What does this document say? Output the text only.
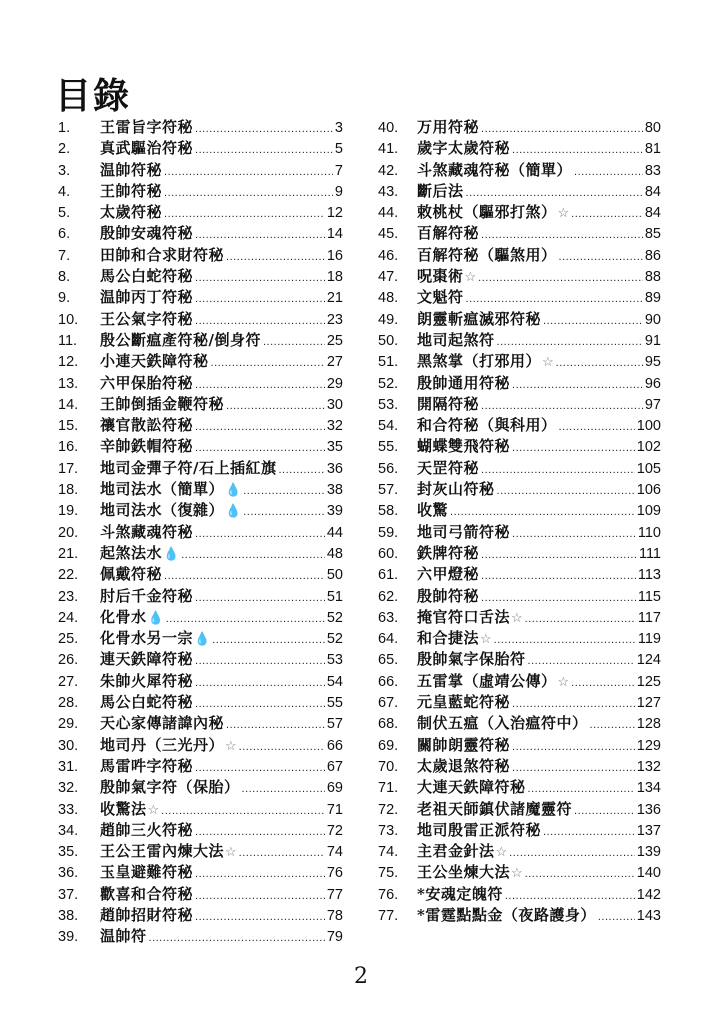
目錄
1.	王雷旨字符秘 .....	3
2.	真武驅治符秘 .....	5
3.	温帥符秘 .....	7
4.	王帥符秘 .....	9
5.	太歲符秘 .....	12
6.	殷帥安魂符秘 .....	14
7.	田帥和合求財符秘 .....	16
8.	馬公白蛇符秘 .....	18
9.	温帥丙丁符秘 .....	21
10.	王公氣字符秘 .....	23
11.	殷公斷瘟產符秘/倒身符 .....	25
12.	小連天鉄障符秘 .....	27
13.	六甲保胎符秘 .....	29
14.	王帥倒插金鞭符秘 .....	30
15.	禳官散訟符秘 .....	32
16.	辛帥鉄帽符秘 .....	35
17.	地司金彈子符/石上插紅旗 .....	36
18.	地司法水（簡單） 💧 .....	38
19.	地司法水（復雜） 💧 .....	39
20.	斗煞藏魂符秘 .....	44
21.	起煞法水 💧 .....	48
22.	佩戴符秘 .....	50
23.	肘后千金符秘 .....	51
24.	化骨水 💧 .....	52
25.	化骨水另一宗 💧 .....	52
26.	連天鉄障符秘 .....	53
27.	朱帥火犀符秘 .....	54
28.	馬公白蛇符秘 .....	55
29.	天心家傳諸諱內秘 .....	57
30.	地司丹（三光丹） ☆ .....	66
31.	馬雷吽字符秘 .....	67
32.	殷帥氣字符（保胎） .....	69
33.	收驚法 ☆ .....	71
34.	趙帥三火符秘 .....	72
35.	王公王雷內煉大法 ☆ .....	74
36.	玉皇避難符秘 .....	76
37.	歡喜和合符秘 .....	77
38.	趙帥招財符秘 .....	78
39.	温帥符 .....	79
40.	万用符秘 .....	80
41.	歲字太歲符秘 .....	81
42.	斗煞藏魂符秘（簡單） .....	83
43.	斷后法 .....	84
44.	敕桃杖（驅邪打煞） ☆ .....	84
45.	百解符秘 .....	85
46.	百解符秘（驅煞用） .....	86
47.	呪棗術 ☆ .....	88
48.	文魁符 .....	89
49.	朗靈斬瘟滅邪符秘 .....	90
50.	地司起煞符 .....	91
51.	黑煞掌（打邪用） ☆ .....	95
52.	殷帥通用符秘 .....	96
53.	開隔符秘 .....	97
54.	和合符秘（與科用） .....	100
55.	蝴蝶雙飛符秘 .....	102
56.	天罡符秘 .....	105
57.	封灰山符秘 .....	106
58.	收驚 .....	109
59.	地司弓箭符秘 .....	110
60.	鉄牌符秘 .....	111
61.	六甲燈秘 .....	113
62.	殷帥符秘 .....	115
63.	掩官符口舌法 ☆ .....	117
64.	和合捷法 ☆ .....	119
65.	殷帥氣字保胎符 .....	124
66.	五雷掌（虛靖公傳） ☆ .....	125
67.	元皇藍蛇符秘 .....	127
68.	制伏五瘟（入治瘟符中） .....	128
69.	關帥朗靈符秘 .....	129
70.	太歲退煞符秘 .....	132
71.	大連天鉄障符秘 .....	134
72.	老祖天師鎮伏諸魔靈符 .....	136
73.	地司殷雷正派符秘 .....	137
74.	主君金針法 ☆ .....	139
75.	王公坐煉大法 ☆ .....	140
76.	*安魂定魄符 .....	142
77.	*雷霆點點金（夜路護身） .....	143
2
